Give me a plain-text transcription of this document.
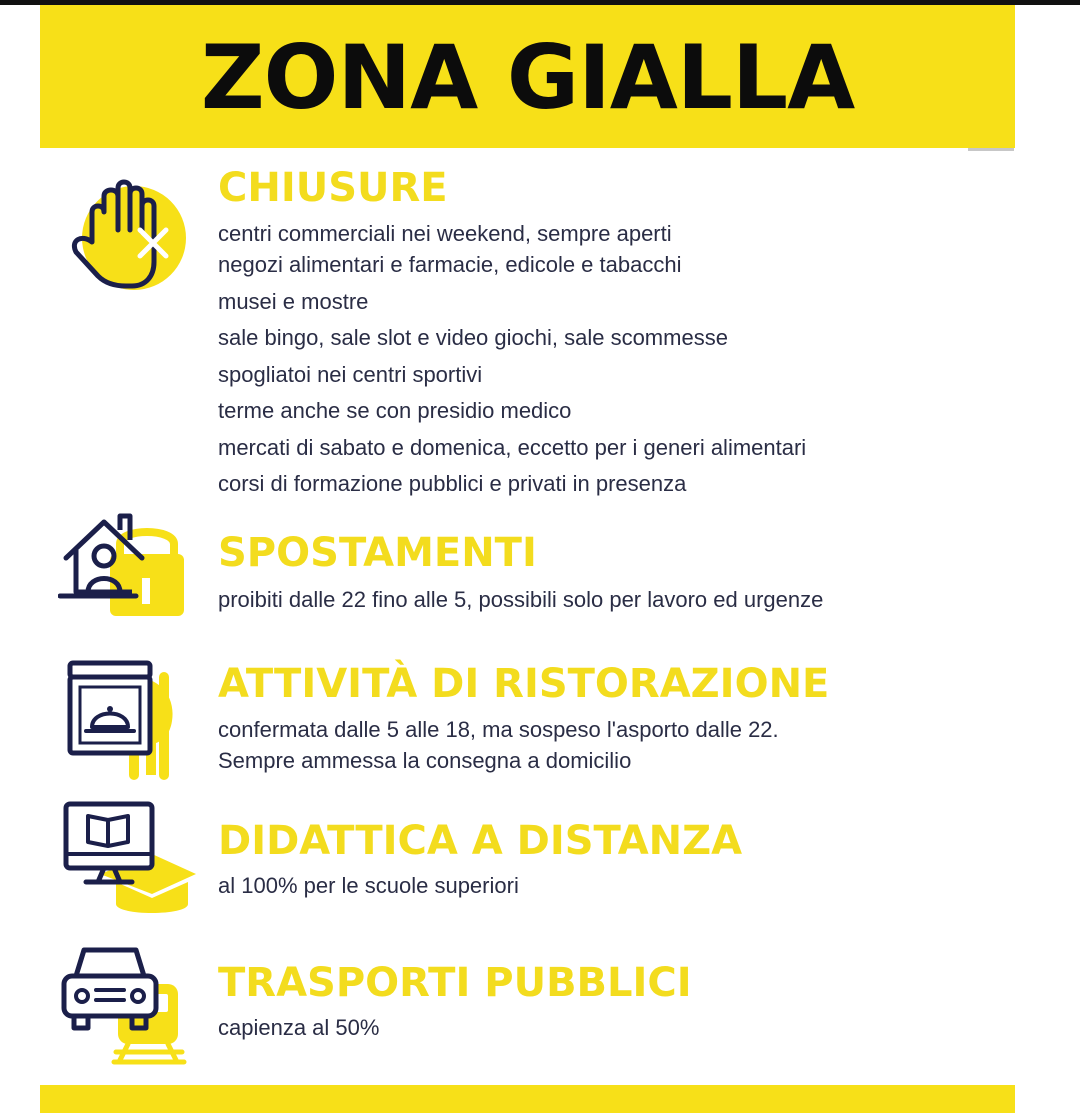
ZONA GIALLA
CHIUSURE
centri commerciali nei weekend, sempre aperti
negozi alimentari e farmacie, edicole e tabacchi
musei e mostre
sale bingo, sale slot e video giochi, sale scommesse
spogliatoi nei centri sportivi
terme anche se con presidio medico
mercati di sabato e domenica, eccetto per i generi alimentari
corsi di formazione pubblici e privati in presenza
SPOSTAMENTI
proibiti dalle 22 fino alle 5, possibili solo per lavoro ed urgenze
ATTIVITÀ DI RISTORAZIONE
confermata dalle 5 alle 18, ma sospeso l'asporto dalle 22.
Sempre ammessa la consegna a domicilio
DIDATTICA A DISTANZA
al 100% per le scuole superiori
TRASPORTI PUBBLICI
capienza al 50%
